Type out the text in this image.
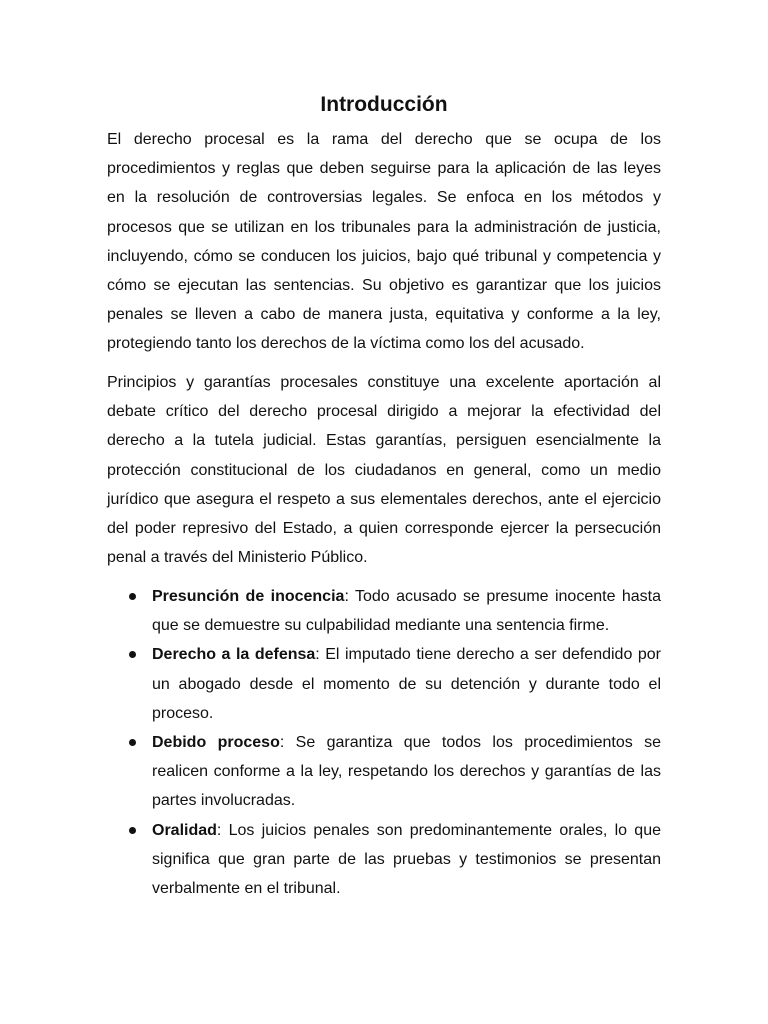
Introducción

El derecho procesal es la rama del derecho que se ocupa de los procedimientos y reglas que deben seguirse para la aplicación de las leyes en la resolución de controversias legales. Se enfoca en los métodos y procesos que se utilizan en los tribunales para la administración de justicia, incluyendo, cómo se conducen los juicios, bajo qué tribunal y competencia y cómo se ejecutan las sentencias. Su objetivo es garantizar que los juicios penales se lleven a cabo de manera justa, equitativa y conforme a la ley, protegiendo tanto los derechos de la víctima como los del acusado.

Principios y garantías procesales constituye una excelente aportación al debate crítico del derecho procesal dirigido a mejorar la efectividad del derecho a la tutela judicial. Estas garantías, persiguen esencialmente la protección constitucional de los ciudadanos en general, como un medio jurídico que asegura el respeto a sus elementales derechos, ante el ejercicio del poder represivo del Estado, a quien corresponde ejercer la persecución penal a través del Ministerio Público.

Presunción de inocencia: Todo acusado se presume inocente hasta que se demuestre su culpabilidad mediante una sentencia firme.
Derecho a la defensa: El imputado tiene derecho a ser defendido por un abogado desde el momento de su detención y durante todo el proceso.
Debido proceso: Se garantiza que todos los procedimientos se realicen conforme a la ley, respetando los derechos y garantías de las partes involucradas.
Oralidad: Los juicios penales son predominantemente orales, lo que significa que gran parte de las pruebas y testimonios se presentan verbalmente en el tribunal.
